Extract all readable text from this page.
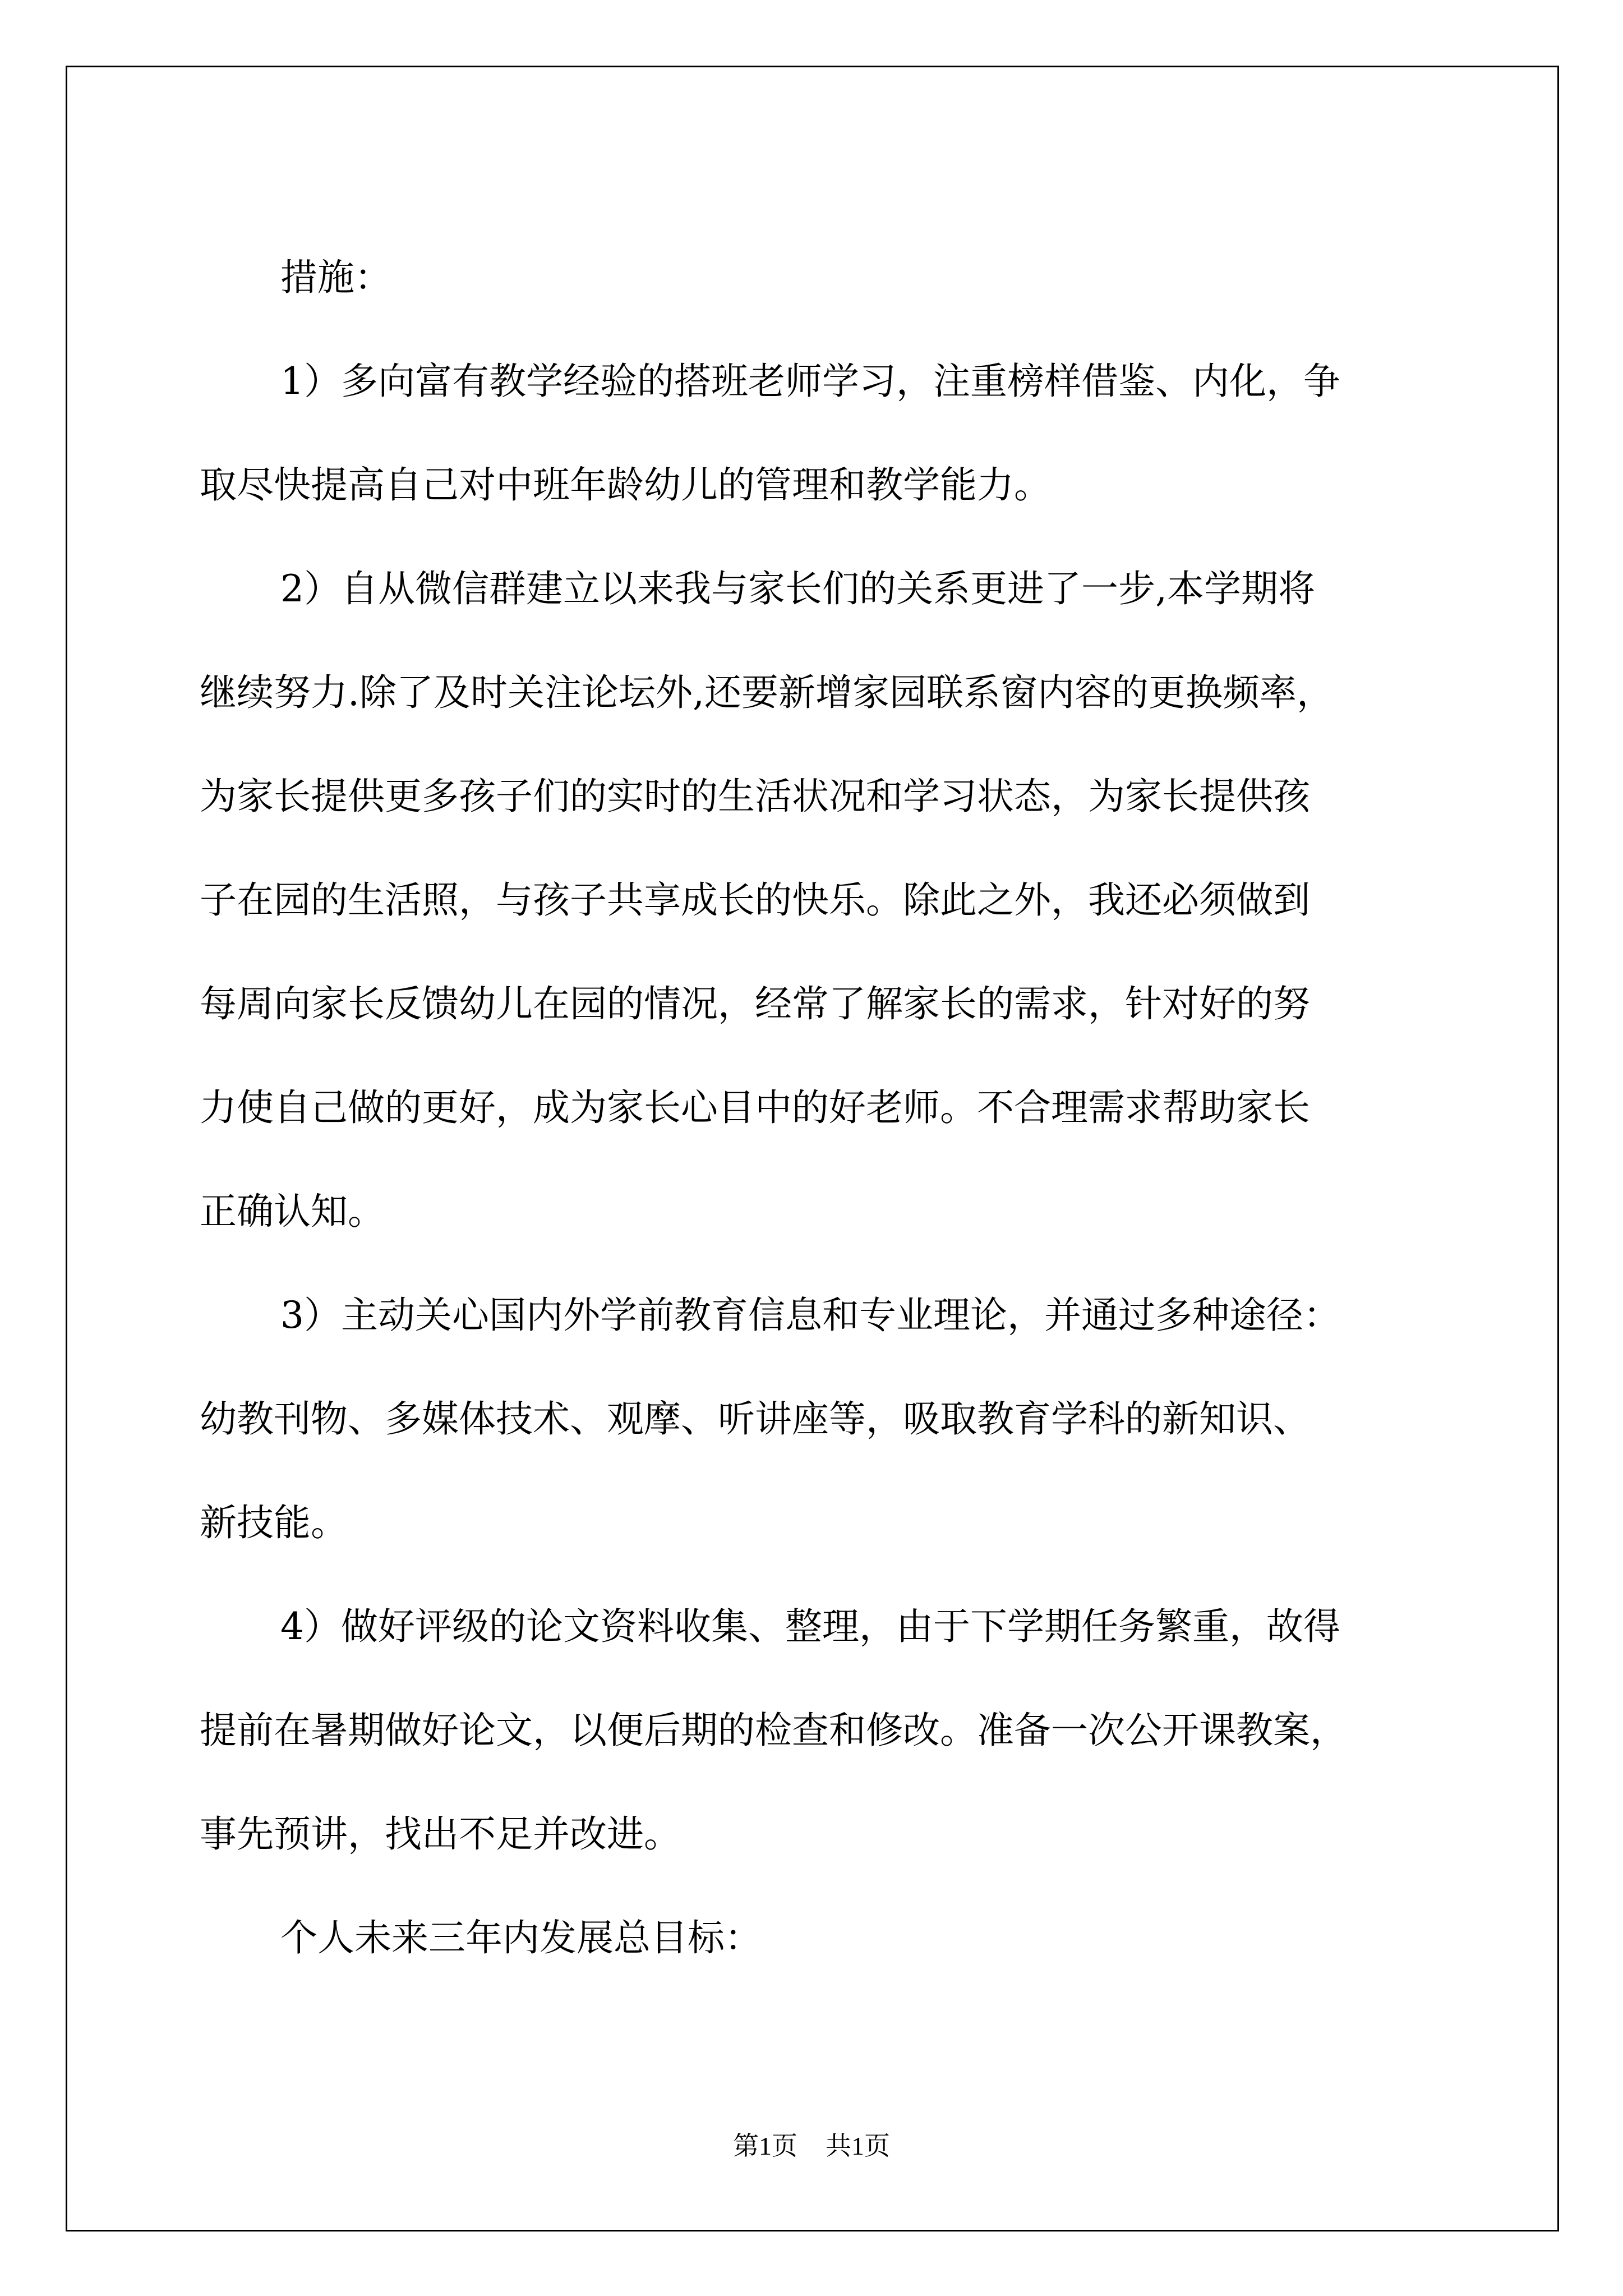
措施：
1）多向富有教学经验的搭班老师学习，注重榜样借鉴、内化，争
取尽快提高自己对中班年龄幼儿的管理和教学能力。
2）自从微信群建立以来我与家长们的关系更进了一步,本学期将
继续努力.除了及时关注论坛外,还要新增家园联系窗内容的更换频率，
为家长提供更多孩子们的实时的生活状况和学习状态，为家长提供孩
子在园的生活照，与孩子共享成长的快乐。除此之外，我还必须做到
每周向家长反馈幼儿在园的情况，经常了解家长的需求，针对好的努
力使自己做的更好，成为家长心目中的好老师。不合理需求帮助家长
正确认知。
3）主动关心国内外学前教育信息和专业理论，并通过多种途径：
幼教刊物、多媒体技术、观摩、听讲座等，吸取教育学科的新知识、
新技能。
4）做好评级的论文资料收集、整理，由于下学期任务繁重，故得
提前在暑期做好论文，以便后期的检查和修改。准备一次公开课教案，
事先预讲，找出不足并改进。
个人未来三年内发展总目标：
第1页 共1页
